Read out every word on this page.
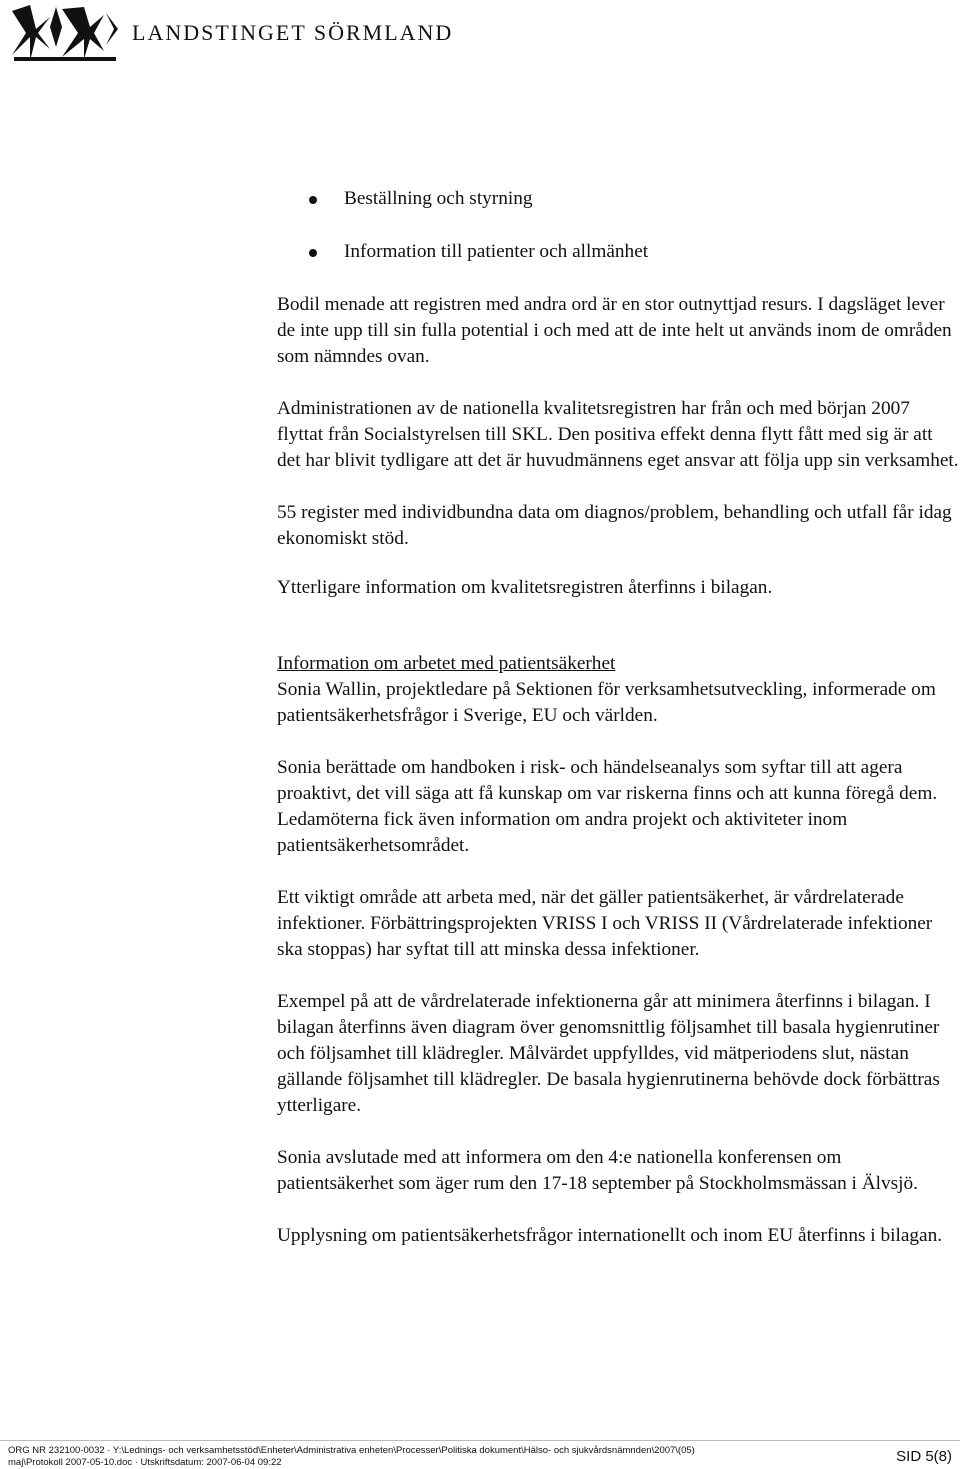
LANDSTINGET SÖRMLAND
Beställning och styrning
Information till patienter och allmänhet

Bodil menade att registren med andra ord är en stor outnyttjad resurs. I dagsläget lever de inte upp till sin fulla potential i och med att de inte helt ut används inom de områden som nämndes ovan.

Administrationen av de nationella kvalitetsregistren har från och med början 2007 flyttat från Socialstyrelsen till SKL. Den positiva effekt denna flytt fått med sig är att det har blivit tydligare att det är huvudmännens eget ansvar att följa upp sin verksamhet.

55 register med individbundna data om diagnos/problem, behandling och utfall får idag ekonomiskt stöd.

Ytterligare information om kvalitetsregistren återfinns i bilagan.

Information om arbetet med patientsäkerhet

Sonia Wallin, projektledare på Sektionen för verksamhetsutveckling, informerade om patientsäkerhetsfrågor i Sverige, EU och världen.

Sonia berättade om handboken i risk- och händelseanalys som syftar till att agera proaktivt, det vill säga att få kunskap om var riskerna finns och att kunna föregå dem. Ledamöterna fick även information om andra projekt och aktiviteter inom patientsäkerhetsområdet.

Ett viktigt område att arbeta med, när det gäller patientsäkerhet, är vårdrelaterade infektioner. Förbättringsprojekten VRISS I och VRISS II (Vårdrelaterade infektioner ska stoppas) har syftat till att minska dessa infektioner.

Exempel på att de vårdrelaterade infektionerna går att minimera återfinns i bilagan. I bilagan återfinns även diagram över genomsnittlig följsamhet till basala hygienrutiner och följsamhet till klädregler. Målvärdet uppfylldes, vid mätperiodens slut, nästan gällande följsamhet till klädregler. De basala hygienrutinerna behövde dock förbättras ytterligare.

Sonia avslutade med att informera om den 4:e nationella konferensen om patientsäkerhet som äger rum den 17-18 september på Stockholmsmässan i Älvsjö.

Upplysning om patientsäkerhetsfrågor internationellt och inom EU återfinns i bilagan.

ORG NR 232100-0032 · Y:\Lednings- och verksamhetsstöd\Enheter\Administrativa enheten\Processer\Politiska dokument\Hälso- och sjukvårdsnämnden\2007\(05)
maj\Protokoll 2007-05-10.doc · Utskriftsdatum: 2007-06-04 09:22	SID 5(8)
